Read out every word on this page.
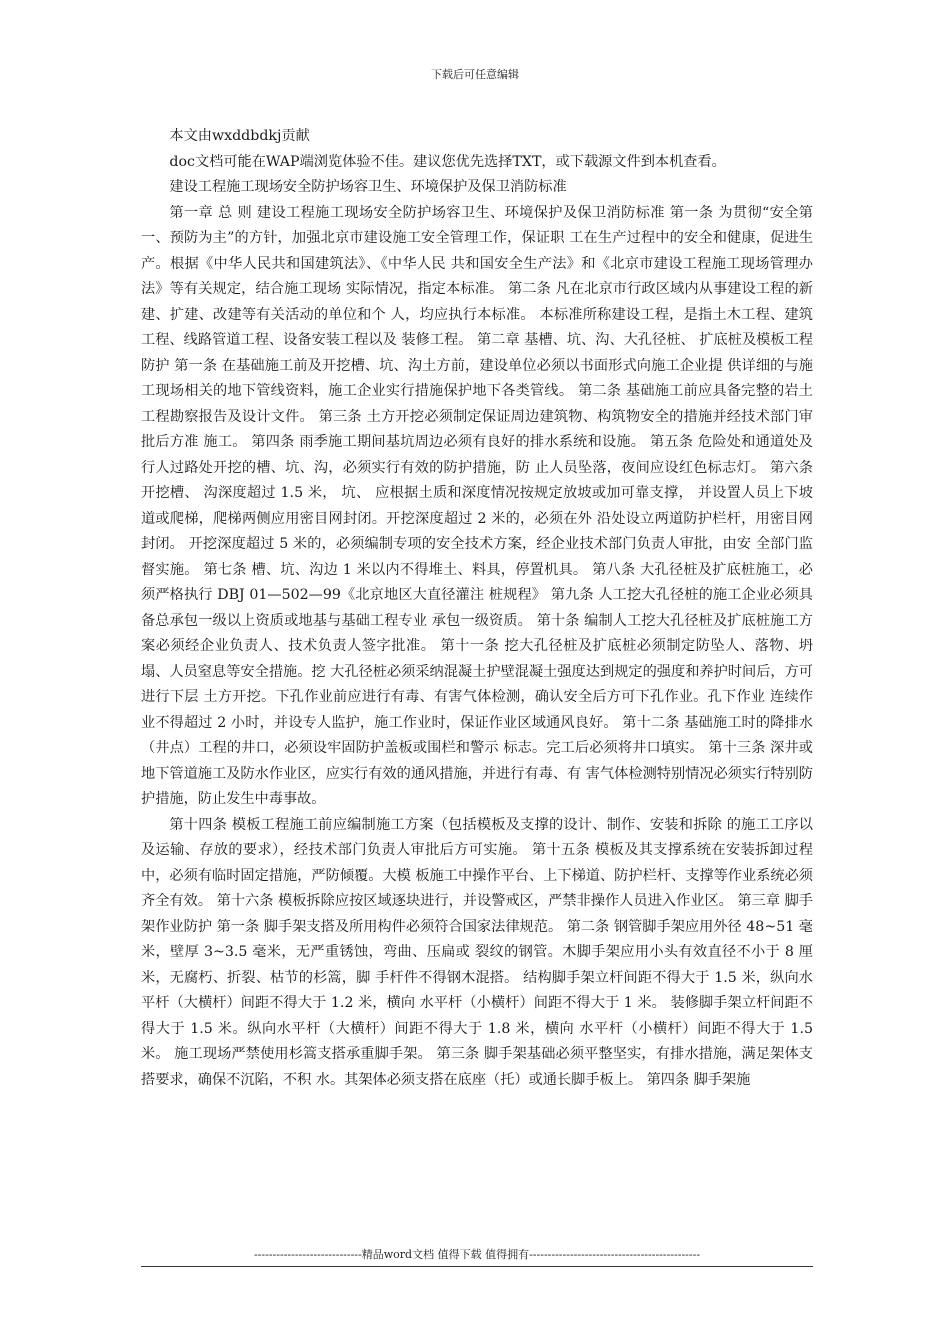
下载后可任意编辑

本文由wxddbdkj贡献

doc文档可能在WAP端浏览体验不佳。建议您优先选择TXT，或下载源文件到本机查看。

建设工程施工现场安全防护场容卫生、环境保护及保卫消防标准

第一章 总 则 建设工程施工现场安全防护场容卫生、环境保护及保卫消防标准 第一条 为贯彻“安全第一、预防为主”的方针，加强北京市建设施工安全管理工作，保证职 工在生产过程中的安全和健康，促进生产。根据《中华人民共和国建筑法》、《中华人民 共和国安全生产法》和《北京市建设工程施工现场管理办法》等有关规定，结合施工现场 实际情况，指定本标准。 第二条 凡在北京市行政区域内从事建设工程的新建、扩建、改建等有关活动的单位和个 人，均应执行本标准。 本标准所称建设工程，是指土木工程、建筑工程、线路管道工程、设备安装工程以及 装修工程。 第二章 基槽、坑、沟、大孔径桩、 扩底桩及模板工程防护 第一条 在基础施工前及开挖槽、坑、沟土方前，建设单位必须以书面形式向施工企业提 供详细的与施工现场相关的地下管线资料，施工企业实行措施保护地下各类管线。 第二条 基础施工前应具备完整的岩土工程勘察报告及设计文件。 第三条 土方开挖必须制定保证周边建筑物、构筑物安全的措施并经技术部门审批后方准 施工。 第四条 雨季施工期间基坑周边必须有良好的排水系统和设施。 第五条 危险处和通道处及行人过路处开挖的槽、坑、沟，必须实行有效的防护措施，防 止人员坠落，夜间应设红色标志灯。 第六条 开挖槽、 沟深度超过 1.5 米， 坑、 应根据土质和深度情况按规定放坡或加可靠支撑， 并设置人员上下坡道或爬梯，爬梯两侧应用密目网封闭。开挖深度超过 2 米的，必须在外 沿处设立两道防护栏杆，用密目网封闭。 开挖深度超过 5 米的，必须编制专项的安全技术方案，经企业技术部门负责人审批，由安 全部门监督实施。 第七条 槽、坑、沟边 1 米以内不得堆土、料具，停置机具。 第八条 大孔径桩及扩底桩施工，必须严格执行 DBJ 01—502—99《北京地区大直径灌注 桩规程》 第九条 人工挖大孔径桩的施工企业必须具备总承包一级以上资质或地基与基础工程专业 承包一级资质。 第十条 编制人工挖大孔径桩及扩底桩施工方案必须经企业负责人、技术负责人签字批准。 第十一条 挖大孔径桩及扩底桩必须制定防坠人、落物、坍塌、人员窒息等安全措施。挖 大孔径桩必须采纳混凝土护壁混凝土强度达到规定的强度和养护时间后，方可进行下层 土方开挖。下孔作业前应进行有毒、有害气体检测，确认安全后方可下孔作业。孔下作业 连续作业不得超过 2 小时，并设专人监护，施工作业时，保证作业区域通风良好。 第十二条 基础施工时的降排水（井点）工程的井口，必须设牢固防护盖板或围栏和警示 标志。完工后必须将井口填实。 第十三条 深井或地下管道施工及防水作业区，应实行有效的通风措施，并进行有毒、有 害气体检测特别情况必须实行特别防护措施，防止发生中毒事故。

第十四条 模板工程施工前应编制施工方案（包括模板及支撑的设计、制作、安装和拆除 的施工工序以及运输、存放的要求），经技术部门负责人审批后方可实施。 第十五条 模板及其支撑系统在安装拆卸过程中，必须有临时固定措施，严防倾覆。大模 板施工中操作平台、上下梯道、防护栏杆、支撑等作业系统必须齐全有效。 第十六条 模板拆除应按区域逐块进行，并设警戒区，严禁非操作人员进入作业区。 第三章 脚手架作业防护 第一条 脚手架支搭及所用构件必须符合国家法律规范。 第二条 钢管脚手架应用外径 48~51 毫米，壁厚 3~3.5 毫米，无严重锈蚀，弯曲、压扁或 裂纹的钢管。木脚手架应用小头有效直径不小于 8 厘米，无腐朽、折裂、枯节的杉篙，脚 手杆件不得钢木混搭。 结构脚手架立杆间距不得大于 1.5 米，纵向水平杆（大横杆）间距不得大于 1.2 米，横向 水平杆（小横杆）间距不得大于 1 米。 装修脚手架立杆间距不得大于 1.5 米。纵向水平杆（大横杆）间距不得大于 1.8 米，横向 水平杆（小横杆）间距不得大于 1.5 米。 施工现场严禁使用杉篙支搭承重脚手架。 第三条 脚手架基础必须平整坚实，有排水措施，满足架体支搭要求，确保不沉陷，不积 水。其架体必须支搭在底座（托）或通长脚手板上。 第四条 脚手架施

-----------------------------精品word文档 值得下载 值得拥有----------------------------------------------
